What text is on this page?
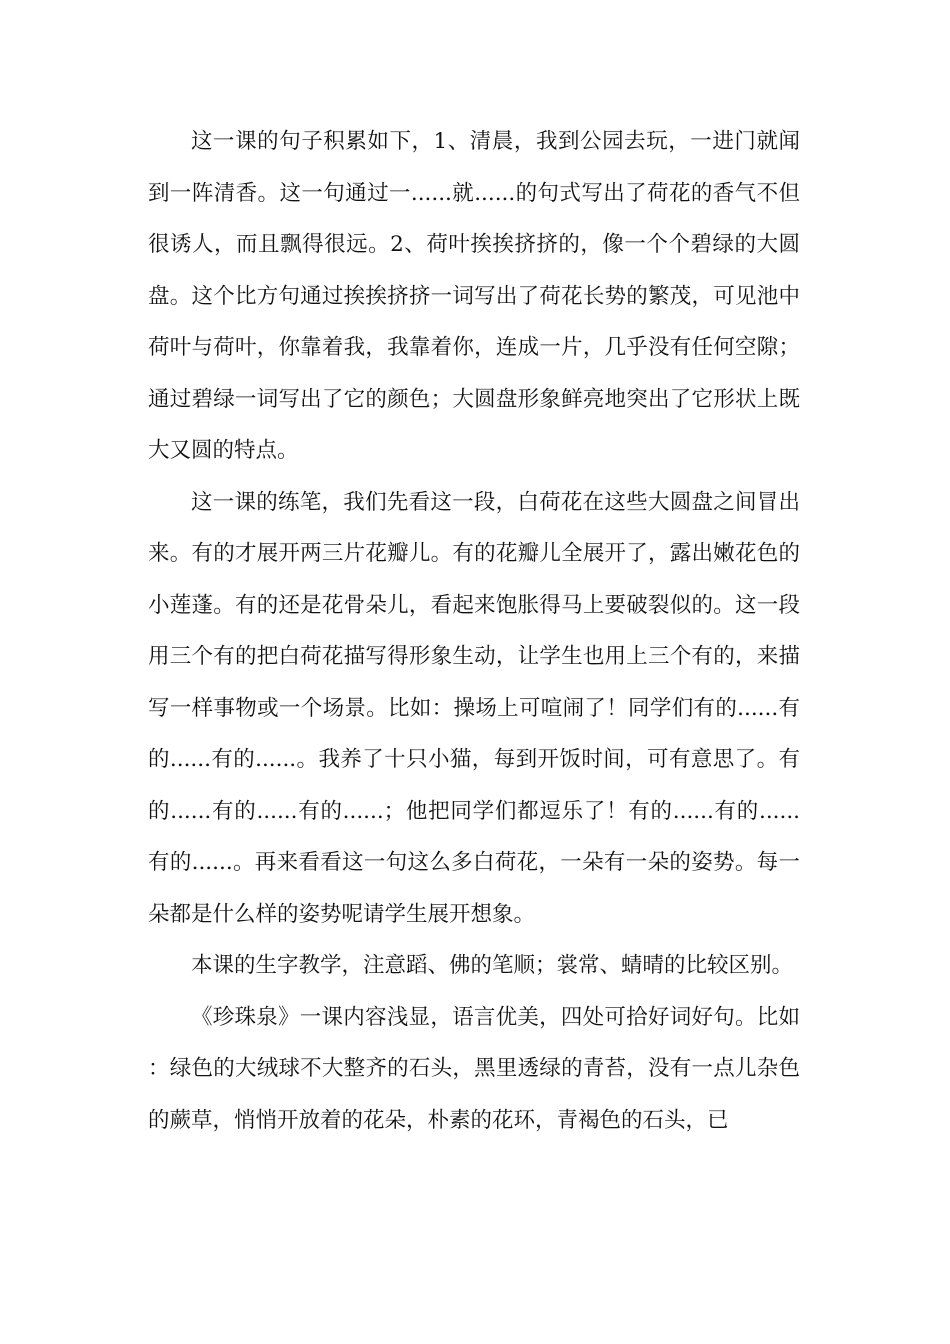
这一课的句子积累如下，1、清晨，我到公园去玩，一进门就闻到一阵清香。这一句通过一......就......的句式写出了荷花的香气不但很诱人，而且飘得很远。2、荷叶挨挨挤挤的，像一个个碧绿的大圆盘。这个比方句通过挨挨挤挤一词写出了荷花长势的繁茂，可见池中荷叶与荷叶，你靠着我，我靠着你，连成一片，几乎没有任何空隙；通过碧绿一词写出了它的颜色；大圆盘形象鲜亮地突出了它形状上既大又圆的特点。

这一课的练笔，我们先看这一段，白荷花在这些大圆盘之间冒出来。有的才展开两三片花瓣儿。有的花瓣儿全展开了，露出嫩花色的小莲蓬。有的还是花骨朵儿，看起来饱胀得马上要破裂似的。这一段用三个有的把白荷花描写得形象生动，让学生也用上三个有的，来描写一样事物或一个场景。比如：操场上可喧闹了！同学们有的......有的......有的......。我养了十只小猫，每到开饭时间，可有意思了。有的......有的......有的......；他把同学们都逗乐了！有的......有的......有的......。再来看看这一句这么多白荷花，一朵有一朵的姿势。每一朵都是什么样的姿势呢请学生展开想象。

本课的生字教学，注意蹈、佛的笔顺；裳常、蜻晴的比较区别。

《珍珠泉》一课内容浅显，语言优美，四处可拾好词好句。比如：绿色的大绒球不大整齐的石头，黑里透绿的青苔，没有一点儿杂色的蕨草，悄悄开放着的花朵，朴素的花环，青褐色的石头，已
